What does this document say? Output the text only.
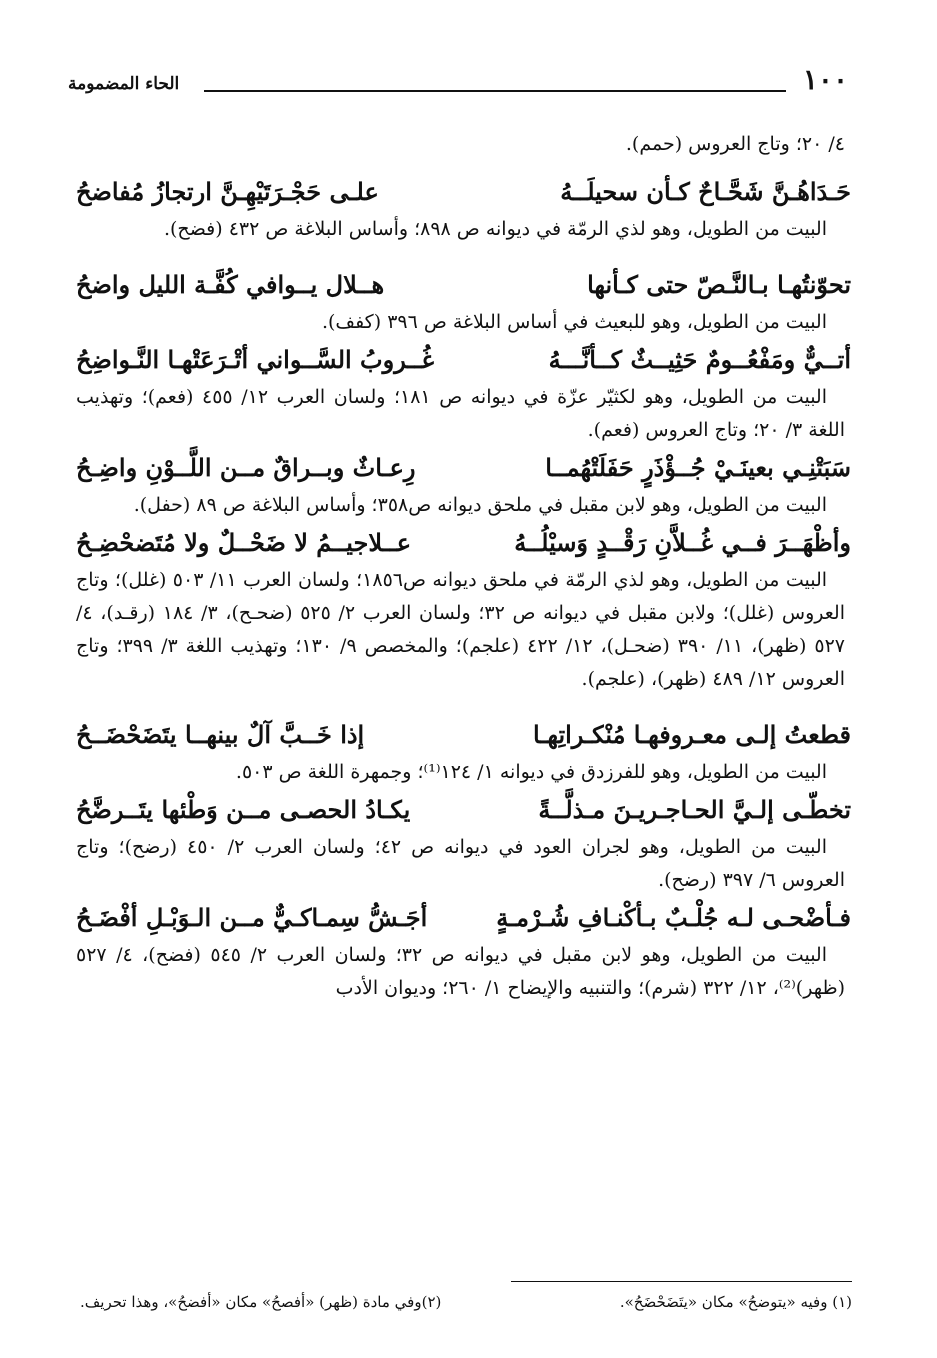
١٠٠
الحاء المضمومة

٤/ ٢٠؛ وتاج العروس (حمم).

حَـدَاهُـنَّ شَحَّـاحٌ كـأن سحيلَــهُ
علـى حَجْـرَتَيْهِـنَّ ارتجازُ مُفاضحُ

البيت من الطويل، وهو لذي الرمّة في ديوانه ص ٨٩٨؛ وأساس البلاغة ص ٤٣٢ (فضح).

تحوّنتُهـا بـالنَّـصّ حتى كـأنها
هــلال يــوافي كُفَّـة الليل واضحُ

البيت من الطويل، وهو للبعيث في أساس البلاغة ص ٣٩٦ (كفف).

أتــيٌّ ومَفْعُــومٌ حَثِيــثٌ كــأنَّـــهُ
غُــروبُ السَّــواني أتْـرَعَتْهـا النَّـواضِحُ

البيت من الطويل، وهو لكثيّر عزّة في ديوانه ص ١٨١؛ ولسان العرب ١٢/ ٤٥٥ (فعم)؛ وتهذيب اللغة ٣/ ٢٠؛ وتاج العروس (فعم).

سَبَتْنِـي بعينَـيْ جُــؤْذَرٍ حَفَلَتْهُمــا
رِعـاثٌ وبــراقٌ مــن اللَّــوْنِ واضِـحُ

البيت من الطويل، وهو لابن مقبل في ملحق ديوانه ص٣٥٨؛ وأساس البلاغة ص ٨٩ (حفل).

وأظْهَــرَ فــي غُــلاَّنِ رَقْــدٍ وَسيْلُــهُ
عــلاجيــمُ لا ضَحْــلٌ ولا مُتَضحْضِـحُ

البيت من الطويل، وهو لذي الرمّة في ملحق ديوانه ص١٨٥٦؛ ولسان العرب ١١/ ٥٠٣ (غلل)؛ وتاج العروس (غلل)؛ ولابن مقبل في ديوانه ص ٣٢؛ ولسان العرب ٢/ ٥٢٥ (ضحـح)، ٣/ ١٨٤ (رقـد)، ٤/ ٥٢٧ (ظهر)، ١١/ ٣٩٠ (ضحـل)، ١٢/ ٤٢٢ (علجم)؛ والمخصص ٩/ ١٣٠؛ وتهذيب اللغة ٣/ ٣٩٩؛ وتاج العروس ١٢/ ٤٨٩ (ظهر)، (علجم).

قطعتُ إلـى معـروفهـا مُنْكـراتِهـا
إذا خَــبَّ آلٌ بينهــا يتَضَحْضَــحُ

البيت من الطويل، وهو للفرزدق في ديوانه ١/ ١٢٤⁽¹⁾؛ وجمهرة اللغة ص ٥٠٣.

تخطّـى إلـيَّ الحـاجـريـنَ مـذلَّــةً
يكـادُ الحصـى مــن وَطْئها يتَــرضَّحُ

البيت من الطويل، وهو لجران العود في ديوانه ص ٤٢؛ ولسان العرب ٢/ ٤٥٠ (رضح)؛ وتاج العروس ٦/ ٣٩٧ (رضح).

فـأضْحـى لـه جُلْـبٌ بـأكْنـافِ شُـرْمـةٍ
أجَـشُّ سِمـاكـيٌّ مــن الـوَبْـلِ أفْضَـحُ

البيت من الطويل، وهو لابن مقبل في ديوانه ص ٣٢؛ ولسان العرب ٢/ ٥٤٥ (فضح)، ٤/ ٥٢٧ (ظهر)⁽²⁾، ١٢/ ٣٢٢ (شرم)؛ والتنبيه والإيضاح ١/ ٢٦٠؛ وديوان الأدب

(١) وفيه «يتوضحُ» مكان «يتَضَحْضَحُ».
(٢)وفي مادة (ظهر) «أفصحُ» مكان «أفضحُ»، وهذا تحريف.
